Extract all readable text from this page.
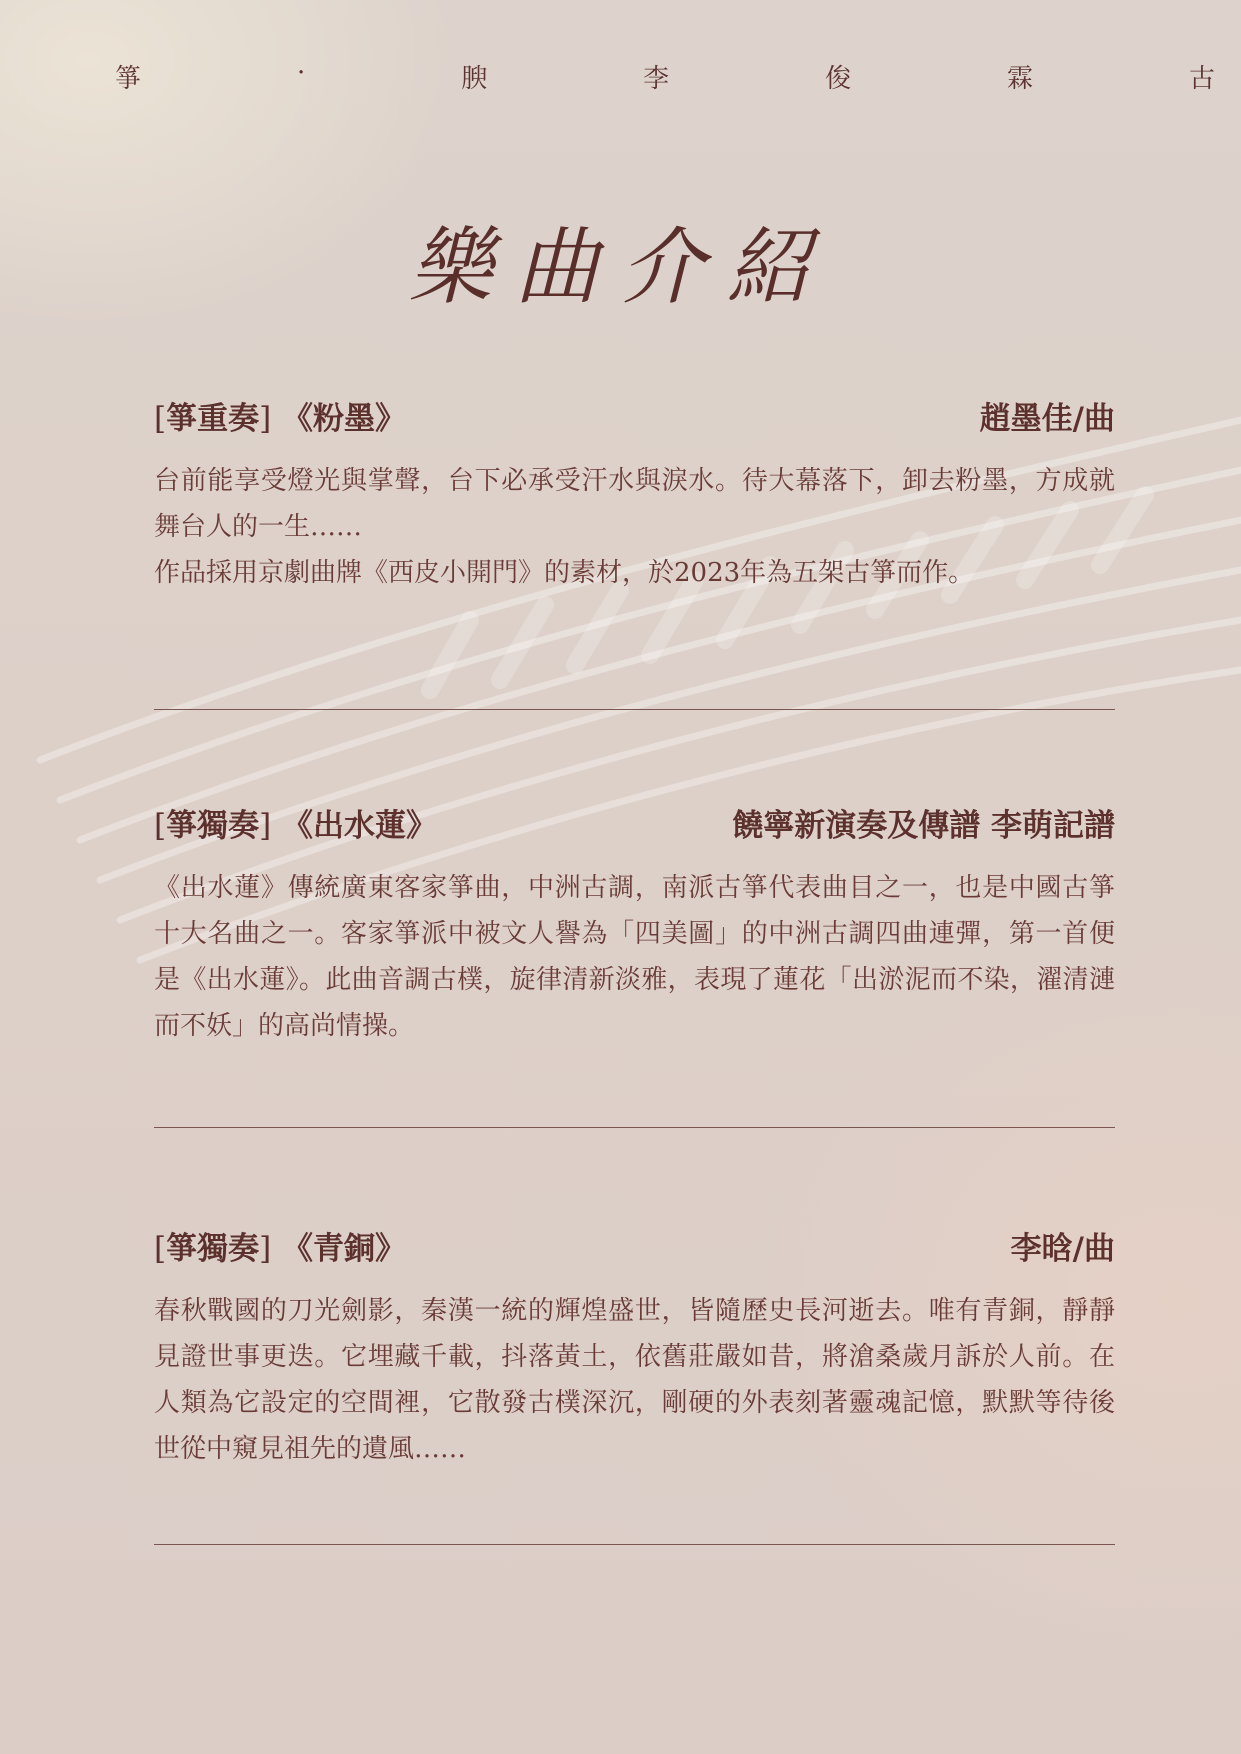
箏	·	腴	李	俊	霖	古
樂曲介紹
[箏重奏] 《粉墨》	趙墨佳/曲

台前能享受燈光與掌聲，台下必承受汗水與淚水。待大幕落下，卸去粉墨，方成就舞台人的一生……

作品採用京劇曲牌《西皮小開門》的素材，於2023年為五架古箏而作。

[箏獨奏] 《出水蓮》	饒寧新演奏及傳譜 李萌記譜

《出水蓮》傳統廣東客家箏曲，中洲古調，南派古箏代表曲目之一，也是中國古箏十大名曲之一。客家箏派中被文人譽為「四美圖」的中洲古調四曲連彈，第一首便是《出水蓮》。此曲音調古樸，旋律清新淡雅，表現了蓮花「出淤泥而不染，濯清漣而不妖」的高尚情操。

[箏獨奏] 《青銅》	李晗/曲

春秋戰國的刀光劍影，秦漢一統的輝煌盛世，皆隨歷史長河逝去。唯有青銅，靜靜見證世事更迭。它埋藏千載，抖落黃土，依舊莊嚴如昔，將滄桑歲月訴於人前。在人類為它設定的空間裡，它散發古樸深沉，剛硬的外表刻著靈魂記憶，默默等待後世從中窺見祖先的遺風……
